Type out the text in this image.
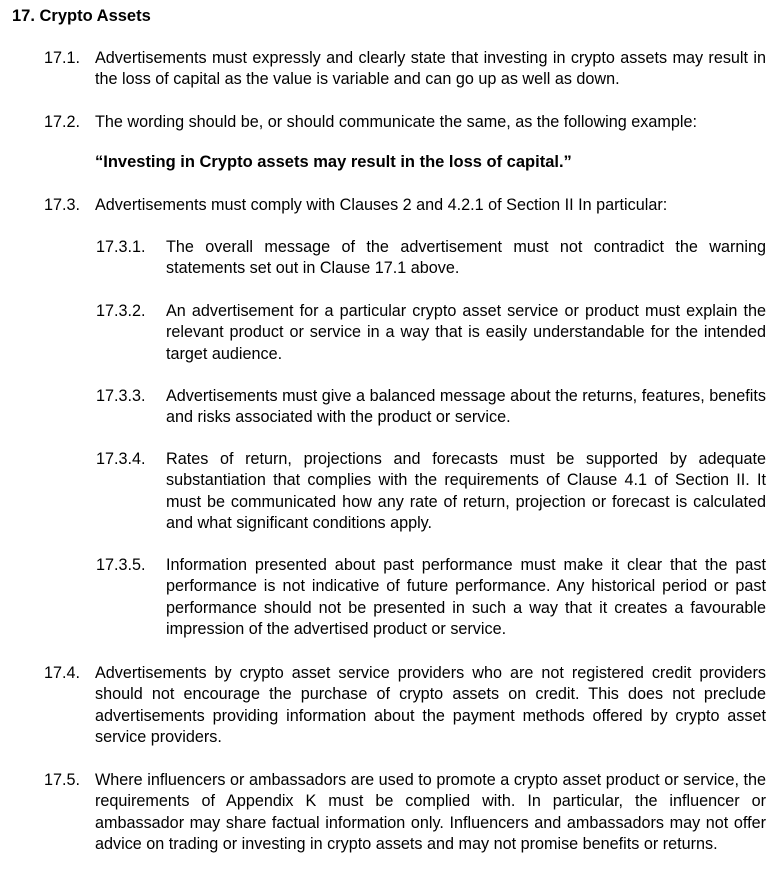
17. Crypto Assets
17.1. Advertisements must expressly and clearly state that investing in crypto assets may result in the loss of capital as the value is variable and can go up as well as down.
17.2. The wording should be, or should communicate the same, as the following example:
“Investing in Crypto assets may result in the loss of capital.”
17.3. Advertisements must comply with Clauses 2 and 4.2.1 of Section II In particular:
17.3.1. The overall message of the advertisement must not contradict the warning statements set out in Clause 17.1 above.
17.3.2. An advertisement for a particular crypto asset service or product must explain the relevant product or service in a way that is easily understandable for the intended target audience.
17.3.3. Advertisements must give a balanced message about the returns, features, benefits and risks associated with the product or service.
17.3.4. Rates of return, projections and forecasts must be supported by adequate substantiation that complies with the requirements of Clause 4.1 of Section II. It must be communicated how any rate of return, projection or forecast is calculated and what significant conditions apply.
17.3.5. Information presented about past performance must make it clear that the past performance is not indicative of future performance. Any historical period or past performance should not be presented in such a way that it creates a favourable impression of the advertised product or service.
17.4. Advertisements by crypto asset service providers who are not registered credit providers should not encourage the purchase of crypto assets on credit. This does not preclude advertisements providing information about the payment methods offered by crypto asset service providers.
17.5. Where influencers or ambassadors are used to promote a crypto asset product or service, the requirements of Appendix K must be complied with. In particular, the influencer or ambassador may share factual information only. Influencers and ambassadors may not offer advice on trading or investing in crypto assets and may not promise benefits or returns.
